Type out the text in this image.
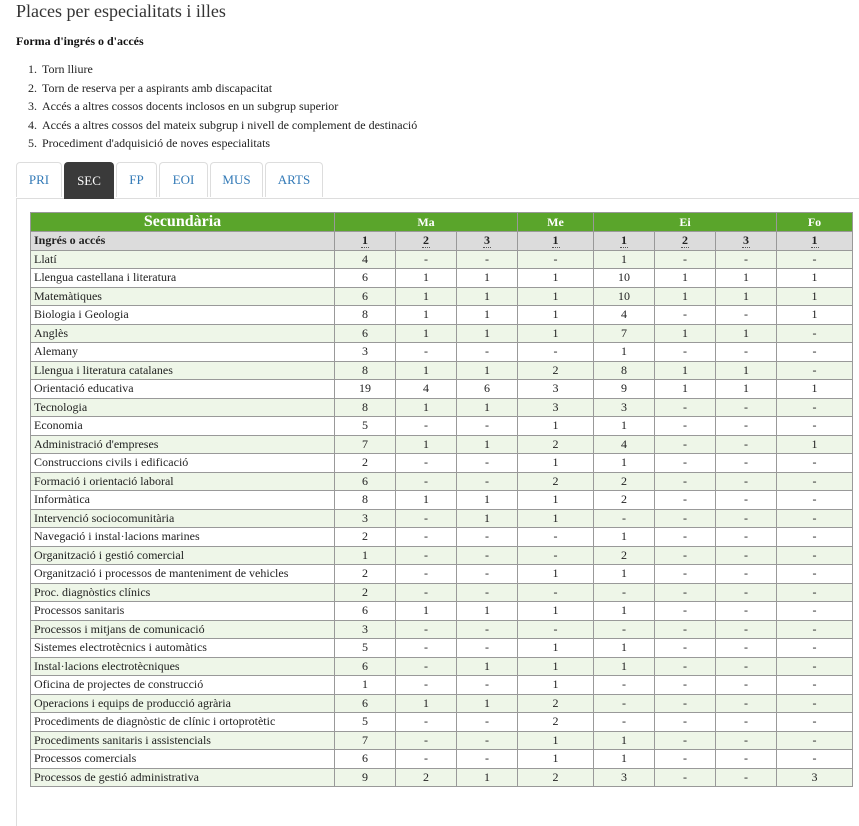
Places per especialitats i illes
Forma d'ingrés o d'accés
1. Torn lliure
2. Torn de reserva per a aspirants amb discapacitat
3. Accés a altres cossos docents inclosos en un subgrup superior
4. Accés a altres cossos del mateix subgrup i nivell de complement de destinació
5. Procediment d'adquisició de noves especialitats
PRI	SEC	FP	EOI	MUS	ARTS
Secundària	Ma			Me	Ei			Fo
Ingrés o accés	1	2	3	1	1	2	3	1
Llatí	4	-	-	-	1	-	-	-
Llengua castellana i literatura	6	1	1	1	10	1	1	1
Matemàtiques	6	1	1	1	10	1	1	1
Biologia i Geologia	8	1	1	1	4	-	-	1
Anglès	6	1	1	1	7	1	1	-
Alemany	3	-	-	-	1	-	-	-
Llengua i literatura catalanes	8	1	1	2	8	1	1	-
Orientació educativa	19	4	6	3	9	1	1	1
Tecnologia	8	1	1	3	3	-	-	-
Economia	5	-	-	1	1	-	-	-
Administració d'empreses	7	1	1	2	4	-	-	1
Construccions civils i edificació	2	-	-	1	1	-	-	-
Formació i orientació laboral	6	-	-	2	2	-	-	-
Informàtica	8	1	1	1	2	-	-	-
Intervenció sociocomunitària	3	-	1	1	-	-	-	-
Navegació i instal·lacions marines	2	-	-	-	1	-	-	-
Organització i gestió comercial	1	-	-	-	2	-	-	-
Organització i processos de manteniment de vehicles	2	-	-	1	1	-	-	-
Proc. diagnòstics clínics	2	-	-	-	-	-	-	-
Processos sanitaris	6	1	1	1	1	-	-	-
Processos i mitjans de comunicació	3	-	-	-	-	-	-	-
Sistemes electrotècnics i automàtics	5	-	-	1	1	-	-	-
Instal·lacions electrotècniques	6	-	1	1	1	-	-	-
Oficina de projectes de construcció	1	-	-	1	-	-	-	-
Operacions i equips de producció agrària	6	1	1	2	-	-	-	-
Procediments de diagnòstic de clínic i ortoprotètic	5	-	-	2	-	-	-	-
Procediments sanitaris i assistencials	7	-	-	1	1	-	-	-
Processos comercials	6	-	-	1	1	-	-	-
Processos de gestió administrativa	9	2	1	2	3	-	-	3
